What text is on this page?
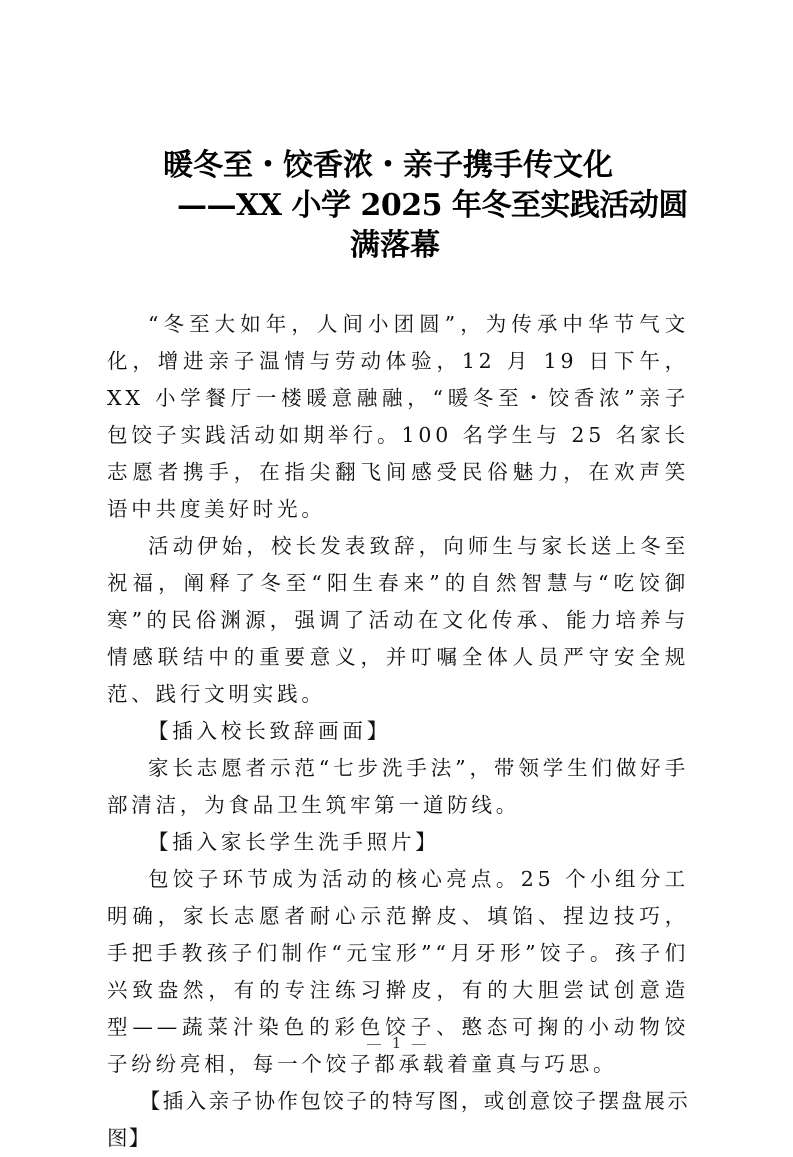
暖冬至・饺香浓・亲子携手传文化
——XX 小学 2025 年冬至实践活动圆
满落幕

“冬至大如年，人间小团圆”，为传承中华节气文化，增进亲子温情与劳动体验，12 月 19 日下午，XX 小学餐厅一楼暖意融融，“暖冬至・饺香浓”亲子包饺子实践活动如期举行。100 名学生与 25 名家长志愿者携手，在指尖翻飞间感受民俗魅力，在欢声笑语中共度美好时光。

活动伊始，校长发表致辞，向师生与家长送上冬至祝福，阐释了冬至“阳生春来”的自然智慧与“吃饺御寒”的民俗渊源，强调了活动在文化传承、能力培养与情感联结中的重要意义，并叮嘱全体人员严守安全规范、践行文明实践。

【插入校长致辞画面】

家长志愿者示范“七步洗手法”，带领学生们做好手部清洁，为食品卫生筑牢第一道防线。

【插入家长学生洗手照片】

包饺子环节成为活动的核心亮点。25 个小组分工明确，家长志愿者耐心示范擀皮、填馅、捏边技巧，手把手教孩子们制作“元宝形”“月牙形”饺子。孩子们兴致盎然，有的专注练习擀皮，有的大胆尝试创意造型——蔬菜汁染色的彩色饺子、憨态可掬的小动物饺子纷纷亮相，每一个饺子都承载着童真与巧思。

【插入亲子协作包饺子的特写图，或创意饺子摆盘展示图】

1
